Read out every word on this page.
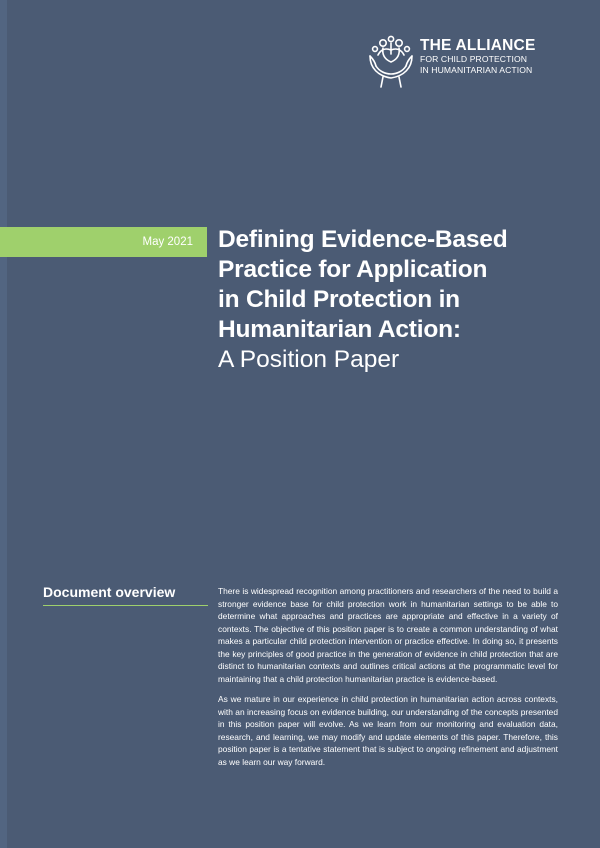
THE ALLIANCE
FOR CHILD PROTECTION
IN HUMANITARIAN ACTION
May 2021 Defining Evidence-Based
Practice for Application
in Child Protection in
Humanitarian Action:
A Position Paper
Document overview	There is widespread recognition among practitioners and researchers of the need to build a stronger evidence base for child protection work in humanitarian settings to be able to determine what approaches and practices are appropriate and effective in a variety of contexts. The objective of this position paper is to create a common understanding of what makes a particular child protection intervention or practice effective. In doing so, it presents the key principles of good practice in the generation of evidence in child protection that are distinct to humanitarian contexts and outlines critical actions at the programmatic level for maintaining that a child protection humanitarian practice is evidence-based.

As we mature in our experience in child protection in humanitarian action across contexts, with an increasing focus on evidence building, our understanding of the concepts presented in this position paper will evolve. As we learn from our monitoring and evaluation data, research, and learning, we may modify and update elements of this paper. Therefore, this position paper is a tentative statement that is subject to ongoing refinement and adjustment as we learn our way forward.
